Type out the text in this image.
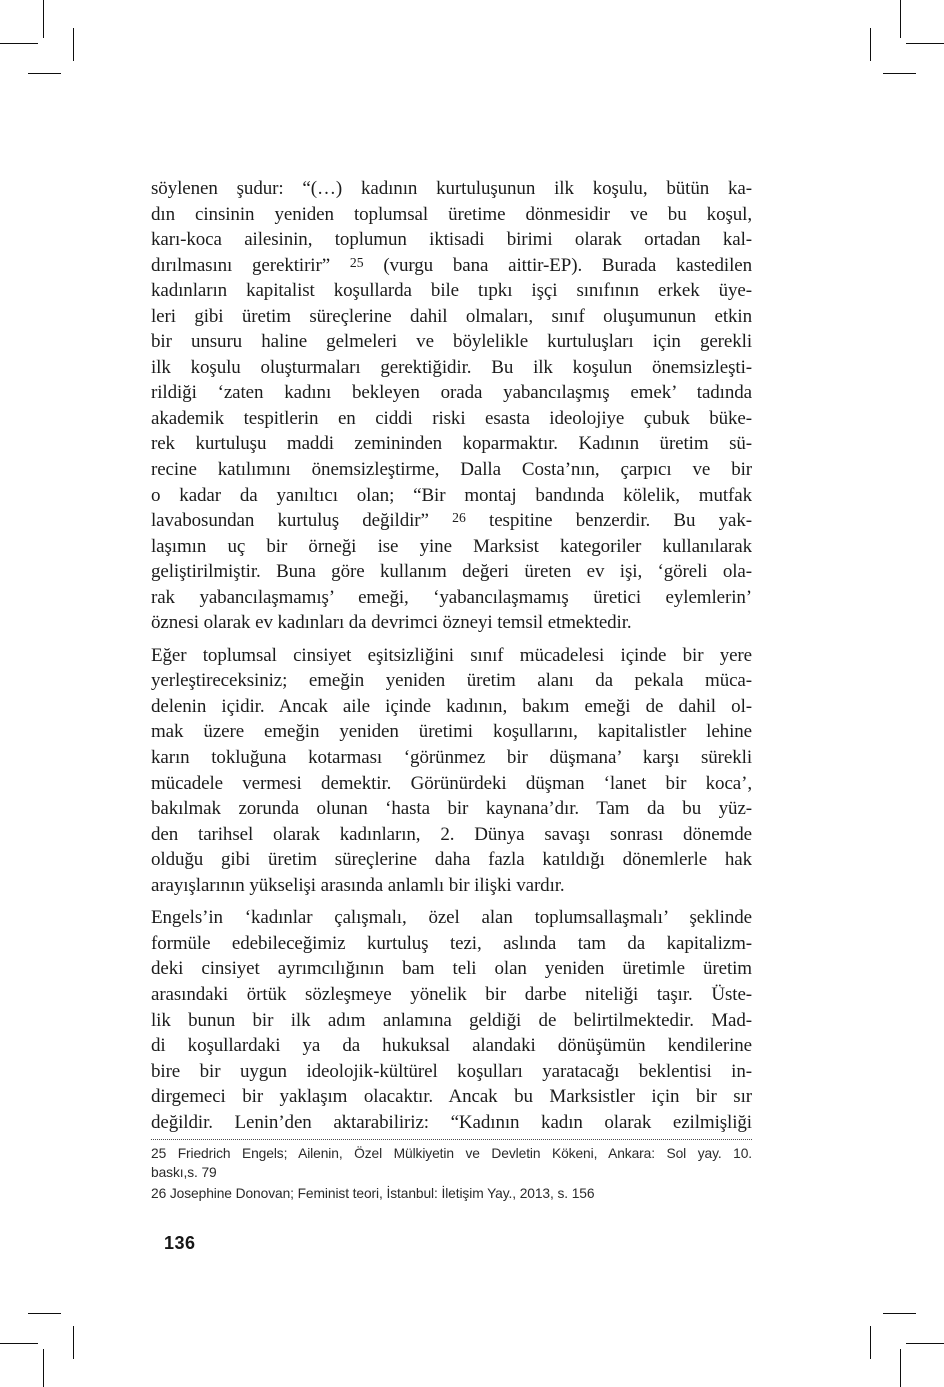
söylenen şudur: “(…) kadının kurtuluşunun ilk koşulu, bütün ka-
dın cinsinin yeniden toplumsal üretime dönmesidir ve bu koşul,
karı-koca ailesinin, toplumun iktisadi birimi olarak ortadan kal-
dırılmasını gerektirir” $^{25}$ (vurgu bana aittir-EP). Burada kastedilen
kadınların kapitalist koşullarda bile tıpkı işçi sınıfının erkek üye-
leri gibi üretim süreçlerine dahil olmaları, sınıf oluşumunun etkin
bir unsuru haline gelmeleri ve böylelikle kurtuluşları için gerekli
ilk koşulu oluşturmaları gerektiğidir. Bu ilk koşulun önemsizleşti-
rildiği ‘zaten kadını bekleyen orada yabancılaşmış emek’ tadında
akademik tespitlerin en ciddi riski esasta ideolojiye çubuk büke-
rek kurtuluşu maddi zemininden koparmaktır. Kadının üretim sü-
recine katılımını önemsizleştirme, Dalla Costa’nın, çarpıcı ve bir
o kadar da yanıltıcı olan; “Bir montaj bandında kölelik, mutfak
lavabosundan kurtuluş değildir” $^{26}$ tespitine benzerdir. Bu yak-
laşımın uç bir örneği ise yine Marksist kategoriler kullanılarak
geliştirilmiştir. Buna göre kullanım değeri üreten ev işi, ‘göreli ola-
rak yabancılaşmamış’ emeği, ‘yabancılaşmamış üretici eylemlerin’
öznesi olarak ev kadınları da devrimci özneyi temsil etmektedir.
Eğer toplumsal cinsiyet eşitsizliğini sınıf mücadelesi içinde bir yere
yerleştireceksiniz; emeğin yeniden üretim alanı da pekala müca-
delenin içidir. Ancak aile içinde kadının, bakım emeği de dahil ol-
mak üzere emeğin yeniden üretimi koşullarını, kapitalistler lehine
karın tokluğuna kotarması ‘görünmez bir düşmana’ karşı sürekli
mücadele vermesi demektir. Görünürdeki düşman ‘lanet bir koca’,
bakılmak zorunda olunan ‘hasta bir kaynana’dır. Tam da bu yüz-
den tarihsel olarak kadınların, 2. Dünya savaşı sonrası dönemde
olduğu gibi üretim süreçlerine daha fazla katıldığı dönemlerle hak
arayışlarının yükselişi arasında anlamlı bir ilişki vardır.
Engels’in ‘kadınlar çalışmalı, özel alan toplumsallaşmalı’ şeklinde
formüle edebileceğimiz kurtuluş tezi, aslında tam da kapitalizm-
deki cinsiyet ayrımcılığının bam teli olan yeniden üretimle üretim
arasındaki örtük sözleşmeye yönelik bir darbe niteliği taşır. Üste-
lik bunun bir ilk adım anlamına geldiği de belirtilmektedir. Mad-
di koşullardaki ya da hukuksal alandaki dönüşümün kendilerine
bire bir uygun ideolojik-kültürel koşulları yaratacağı beklentisi in-
dirgemeci bir yaklaşım olacaktır. Ancak bu Marksistler için bir sır
değildir. Lenin’den aktarabiliriz: “Kadının kadın olarak ezilmişliği
25 Friedrich Engels; Ailenin, Özel Mülkiyetin ve Devletin Kökeni, Ankara: Sol yay. 10.
baskı,s. 79
26 Josephine Donovan; Feminist teori, İstanbul: İletişim Yay., 2013, s. 156
136
